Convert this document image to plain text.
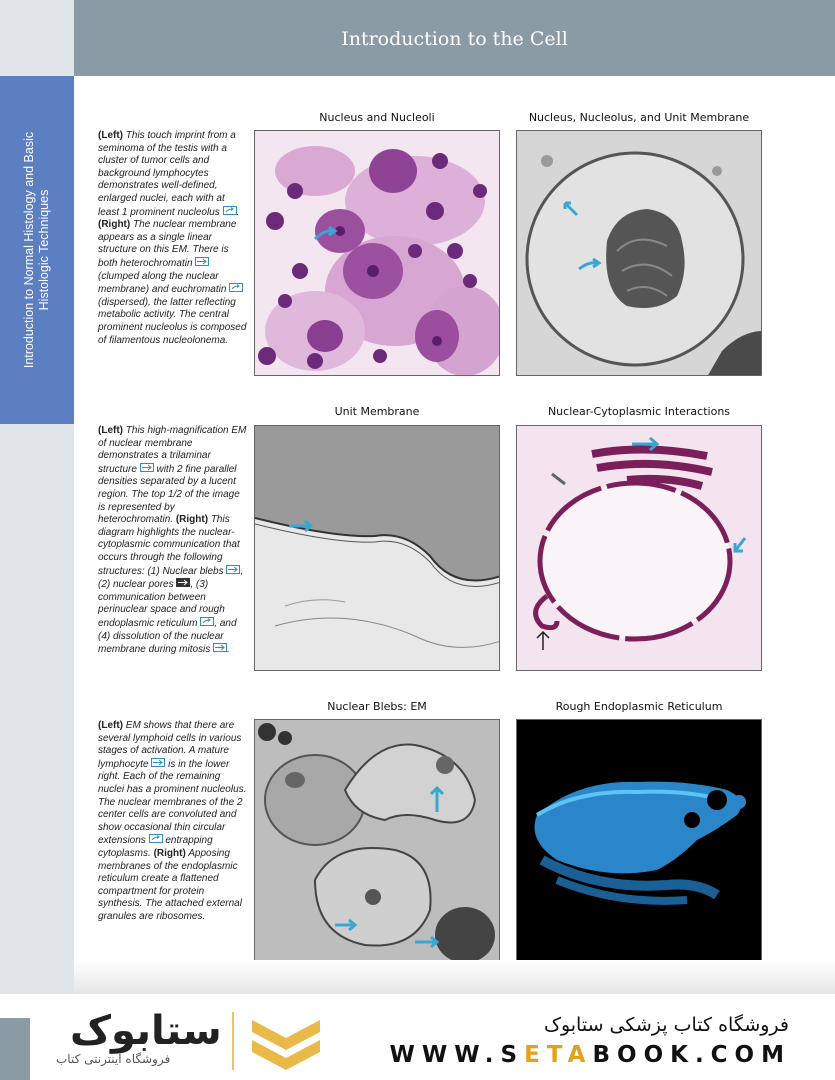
Introduction to the Cell
Introduction to Normal Histology and Basic Histologic Techniques
(Left) This touch imprint from a seminoma of the testis with a cluster of tumor cells and background lymphocytes demonstrates well-defined, enlarged nuclei, each with at least 1 prominent nucleolus . (Right) The nuclear membrane appears as a single linear structure on this EM. There is both heterochromatin  (clumped along the nuclear membrane) and euchromatin  (dispersed), the latter reflecting metabolic activity. The central prominent nucleolus is composed of filamentous nucleolonema.
Nucleus and Nucleoli	Nucleus, Nucleolus, and Unit Membrane
(Left) This high-magnification EM of nuclear membrane demonstrates a trilaminar structure with 2 fine parallel densities separated by a lucent region. The top 1/2 of the image is represented by heterochromatin. (Right) This diagram highlights the nuclear-cytoplasmic communication that occurs through the following structures: (1) Nuclear blebs , (2) nuclear pores , (3) communication between perinuclear space and rough endoplasmic reticulum , and (4) dissolution of the nuclear membrane during mitosis .
Unit Membrane	Nuclear-Cytoplasmic Interactions
(Left) EM shows that there are several lymphoid cells in various stages of activation. A mature lymphocyte is in the lower right. Each of the remaining nuclei has a prominent nucleolus. The nuclear membranes of the 2 center cells are convoluted and show occasional thin circular extensions entrapping cytoplasms. (Right) Apposing membranes of the endoplasmic reticulum create a flattened compartment for protein synthesis. The attached external granules are ribosomes.
Nuclear Blebs: EM	Rough Endoplasmic Reticulum
ستابوک
فروشگاه اینترنتی کتاب
فروشگاه کتاب پزشکی ستابوک
WWW.SETABOOK.COM
